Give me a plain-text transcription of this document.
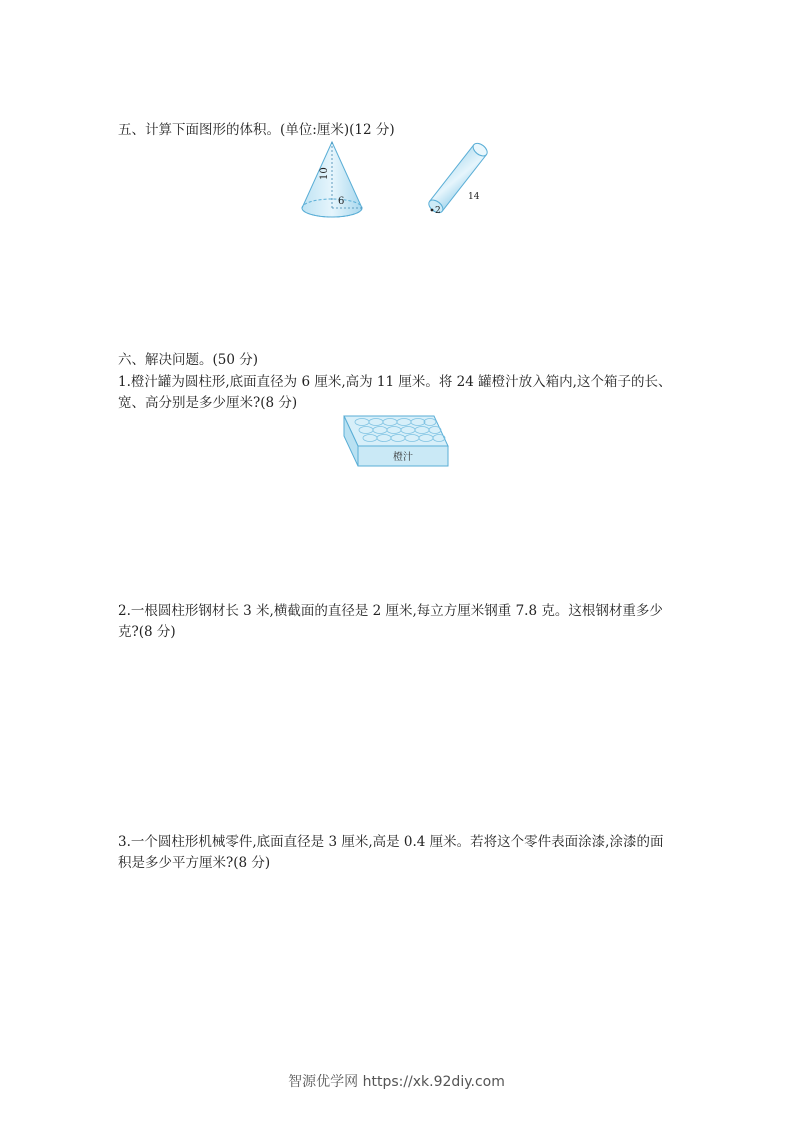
五、计算下面图形的体积。(单位:厘米)(12 分)
10
6
2
14
六、解决问题。(50 分)
1.橙汁罐为圆柱形,底面直径为 6 厘米,高为 11 厘米。将 24 罐橙汁放入箱内,这个箱子的长、
宽、高分别是多少厘米?(8 分)
橙汁
2.一根圆柱形钢材长 3 米,横截面的直径是 2 厘米,每立方厘米钢重 7.8 克。这根钢材重多少
克?(8 分)
3.一个圆柱形机械零件,底面直径是 3 厘米,高是 0.4 厘米。若将这个零件表面涂漆,涂漆的面
积是多少平方厘米?(8 分)
智源优学网 https://xk.92diy.com
